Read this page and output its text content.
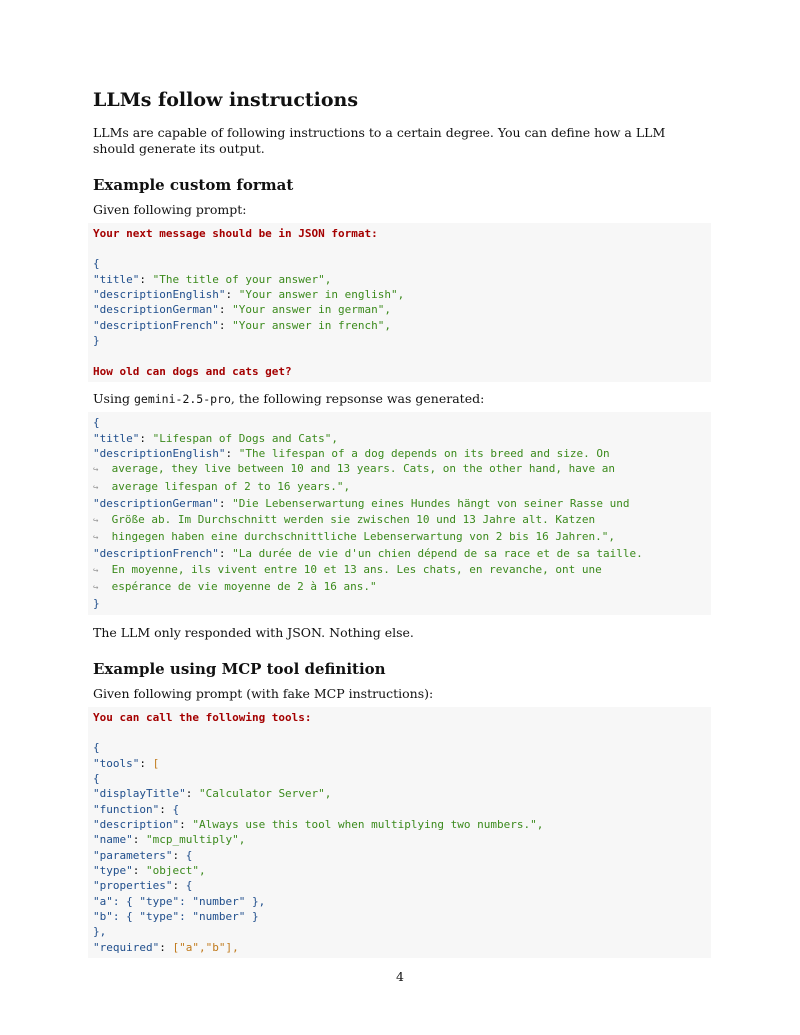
LLMs follow instructions

LLMs are capable of following instructions to a certain degree. You can define how a LLM should generate its output.

Example custom format

Given following prompt:

Your next message should be in JSON format:

{
"title": "The title of your answer",
"descriptionEnglish": "Your answer in english",
"descriptionGerman": "Your answer in german",
"descriptionFrench": "Your answer in french",
}

How old can dogs and cats get?

Using gemini-2.5-pro, the following repsonse was generated:

{
"title": "Lifespan of Dogs and Cats",
"descriptionEnglish": "The lifespan of a dog depends on its breed and size. On
↪ average, they live between 10 and 13 years. Cats, on the other hand, have an
↪ average lifespan of 2 to 16 years.",
"descriptionGerman": "Die Lebenserwartung eines Hundes hängt von seiner Rasse und
↪ Größe ab. Im Durchschnitt werden sie zwischen 10 und 13 Jahre alt. Katzen
↪ hingegen haben eine durchschnittliche Lebenserwartung von 2 bis 16 Jahren.",
"descriptionFrench": "La durée de vie d'un chien dépend de sa race et de sa taille.
↪ En moyenne, ils vivent entre 10 et 13 ans. Les chats, en revanche, ont une
↪ espérance de vie moyenne de 2 à 16 ans."
}

The LLM only responded with JSON. Nothing else.

Example using MCP tool definition

Given following prompt (with fake MCP instructions):

You can call the following tools:

{
"tools": [
{
"displayTitle": "Calculator Server",
"function": {
"description": "Always use this tool when multiplying two numbers.",
"name": "mcp_multiply",
"parameters": {
"type": "object",
"properties": {
"a": { "type": "number" },
"b": { "type": "number" }
},
"required": ["a","b"],
4
